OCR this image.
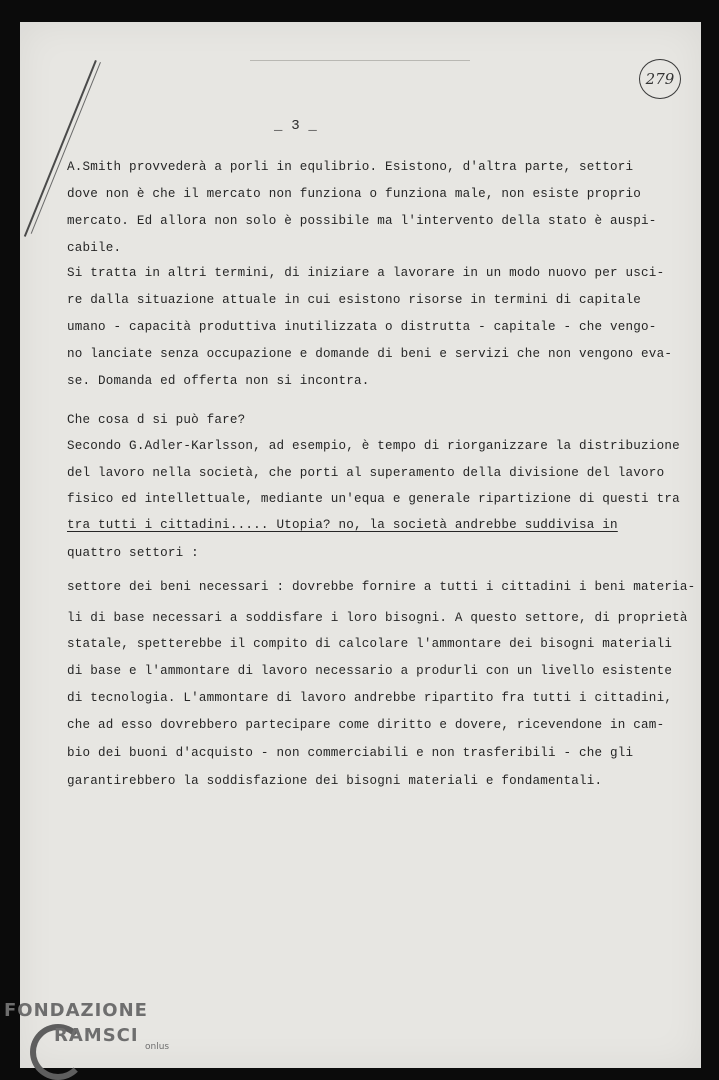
279
_ 3 _
A.Smith provvederà a porli in equlibrio. Esistono, d'altra parte, settori
dove non è che il mercato non funziona o funziona male, non esiste proprio
mercato. Ed allora non solo è possibile ma l'intervento della stato è auspi-
cabile.
Si tratta in altri termini, di iniziare a lavorare in un modo nuovo per usci-
re dalla situazione attuale in cui esistono risorse in termini di capitale
umano - capacità produttiva inutilizzata o distrutta - capitale - che vengo-
no lanciate senza occupazione e domande di beni e servizi che non vengono eva-
se. Domanda ed offerta non si incontra.
Che cosa d si può fare?
Secondo G.Adler-Karlsson, ad esempio, è tempo di riorganizzare la distribuzione
del lavoro nella società, che porti al superamento della divisione del lavoro
fisico ed intellettuale, mediante un'equa e generale ripartizione di questi tra
tra tutti i cittadini..... Utopia? no, la società andrebbe suddivisa in
quattro settori :
settore dei beni necessari : dovrebbe fornire a tutti i cittadini i beni materia-
li di base necessari a soddisfare i loro bisogni. A questo settore, di proprietà
statale, spetterebbe il compito di calcolare l'ammontare dei bisogni materiali
di base e l'ammontare di lavoro necessario a produrli con un livello esistente
di tecnologia. L'ammontare di lavoro andrebbe ripartito fra tutti i cittadini,
che ad esso dovrebbero partecipare come diritto e dovere, ricevendone in cam-
bio dei buoni d'acquisto - non commerciabili e non trasferibili - che gli
garantirebbero la soddisfazione dei bisogni materiali e fondamentali.
FONDAZIONE
RAMSCI
onlus
